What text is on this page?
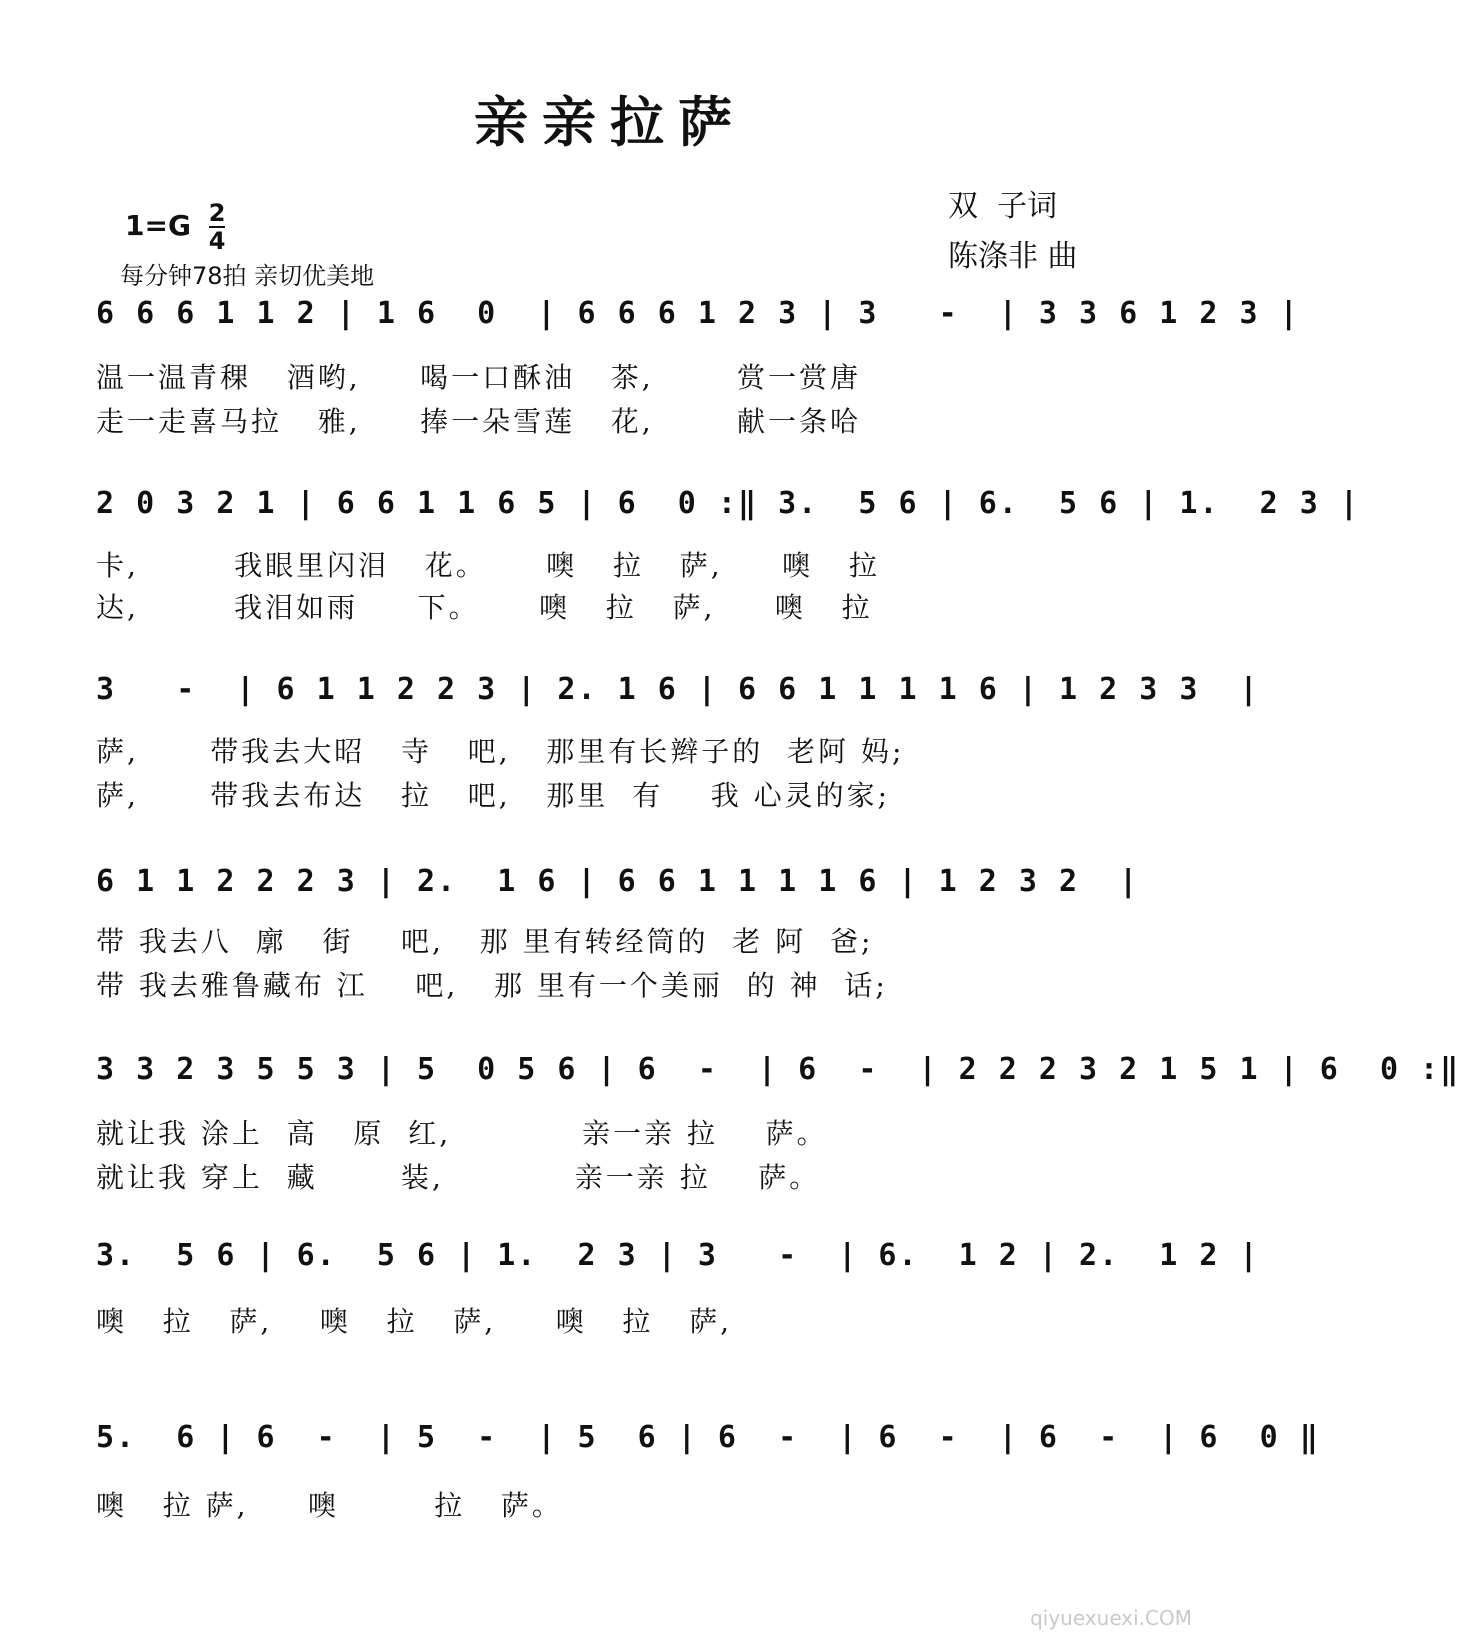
亲亲拉萨
$1=G \frac{2}{4}$
每分钟78拍 亲切优美地
双  子词
陈涤非 曲
6 6 6 1 1 2 | 1 6  0  | 6 6 6 1 2 3 | 3   -  | 3 3 6 1 2 3 |
温一温青稞   酒哟,     喝一口酥油   茶,       赏一赏唐
走一走喜马拉   雅,     捧一朵雪莲   花,       献一条哈
2 0 3 2 1 | 6 6 1 1 6 5 | 6  0 :‖ 3.  5 6 | 6.  5 6 | 1.  2 3 |
卡,        我眼里闪泪   花。     噢   拉   萨,     噢   拉
达,        我泪如雨     下。     噢   拉   萨,     噢   拉
3   -  | 6 1 1 2 2 3 | 2. 1 6 | 6 6 1 1 1 1 6 | 1 2 3 3  |
萨,      带我去大昭   寺   吧,   那里有长辫子的  老阿 妈;
萨,      带我去布达   拉   吧,   那里  有    我 心灵的家;
6 1 1 2 2 2 3 | 2.  1 6 | 6 6 1 1 1 1 6 | 1 2 3 2  |
带 我去八  廓   街    吧,   那 里有转经筒的  老 阿  爸;
带 我去雅鲁藏布 江    吧,   那 里有一个美丽  的 神  话;
3 3 2 3 5 5 3 | 5  0 5 6 | 6  -  | 6  -  | 2 2 2 3 2 1 5 1 | 6  0 :‖
就让我 涂上  高   原  红,           亲一亲 拉    萨。
就让我 穿上  藏       装,           亲一亲 拉    萨。
3.  5 6 | 6.  5 6 | 1.  2 3 | 3   -  | 6.  1 2 | 2.  1 2 |
噢   拉   萨,    噢   拉   萨,     噢   拉   萨,
5.  6 | 6  -  | 5  -  | 5  6 | 6  -  | 6  -  | 6  -  | 6  0 ‖
噢   拉 萨,     噢        拉   萨。
qiyuexuexi.COM
